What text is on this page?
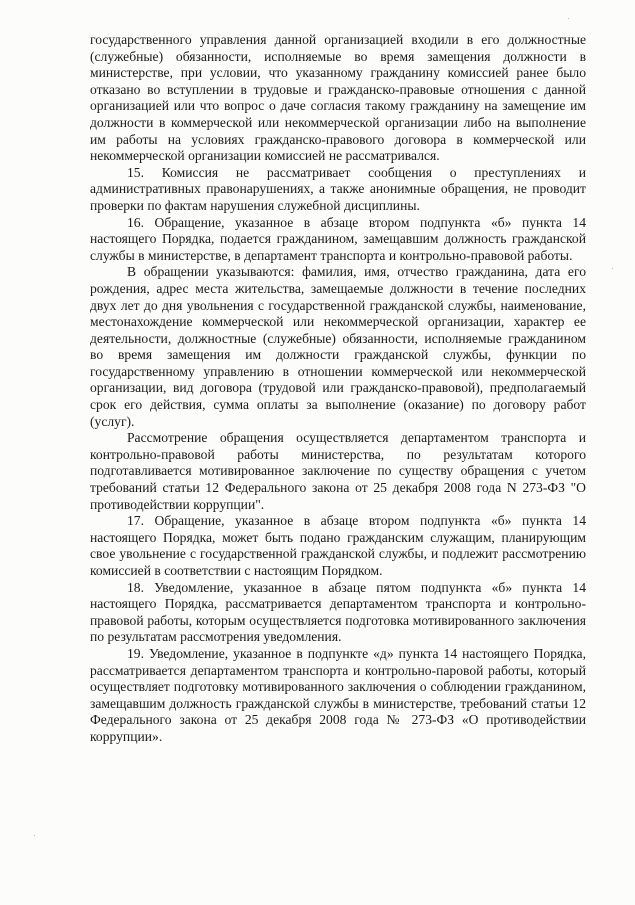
государственного управления данной организацией входили в его должностные (служебные) обязанности, исполняемые во время замещения должности в министерстве, при условии, что указанному гражданину комиссией ранее было отказано во вступлении в трудовые и гражданско-правовые отношения с данной организацией или что вопрос о даче согласия такому гражданину на замещение им должности в коммерческой или некоммерческой организации либо на выполнение им работы на условиях гражданско-правового договора в коммерческой или некоммерческой организации комиссией не рассматривался.

15. Комиссия не рассматривает сообщения о преступлениях и административных правонарушениях, а также анонимные обращения, не проводит проверки по фактам нарушения служебной дисциплины.

16. Обращение, указанное в абзаце втором подпункта «б» пункта 14 настоящего Порядка, подается гражданином, замещавшим должность гражданской службы в министерстве, в департамент транспорта и контрольно-правовой работы.

В обращении указываются: фамилия, имя, отчество гражданина, дата его рождения, адрес места жительства, замещаемые должности в течение последних двух лет до дня увольнения с государственной гражданской службы, наименование, местонахождение коммерческой или некоммерческой организации, характер ее деятельности, должностные (служебные) обязанности, исполняемые гражданином во время замещения им должности гражданской службы, функции по государственному управлению в отношении коммерческой или некоммерческой организации, вид договора (трудовой или гражданско-правовой), предполагаемый срок его действия, сумма оплаты за выполнение (оказание) по договору работ (услуг).

Рассмотрение обращения осуществляется департаментом транспорта и контрольно-правовой работы министерства, по результатам которого подготавливается мотивированное заключение по существу обращения с учетом требований статьи 12 Федерального закона от 25 декабря 2008 года N 273-ФЗ "О противодействии коррупции".

17. Обращение, указанное в абзаце втором подпункта «б» пункта 14 настоящего Порядка, может быть подано гражданским служащим, планирующим свое увольнение с государственной гражданской службы, и подлежит рассмотрению комиссией в соответствии с настоящим Порядком.

18. Уведомление, указанное в абзаце пятом подпункта «б» пункта 14 настоящего Порядка, рассматривается департаментом транспорта и контрольно-правовой работы, которым осуществляется подготовка мотивированного заключения по результатам рассмотрения уведомления.

19. Уведомление, указанное в подпункте «д» пункта 14 настоящего Порядка, рассматривается департаментом транспорта и контрольно-паровой работы, который осуществляет подготовку мотивированного заключения о соблюдении гражданином, замещавшим должность гражданской службы в министерстве, требований статьи 12 Федерального закона от 25 декабря 2008 года № 273-ФЗ «О противодействии коррупции».
